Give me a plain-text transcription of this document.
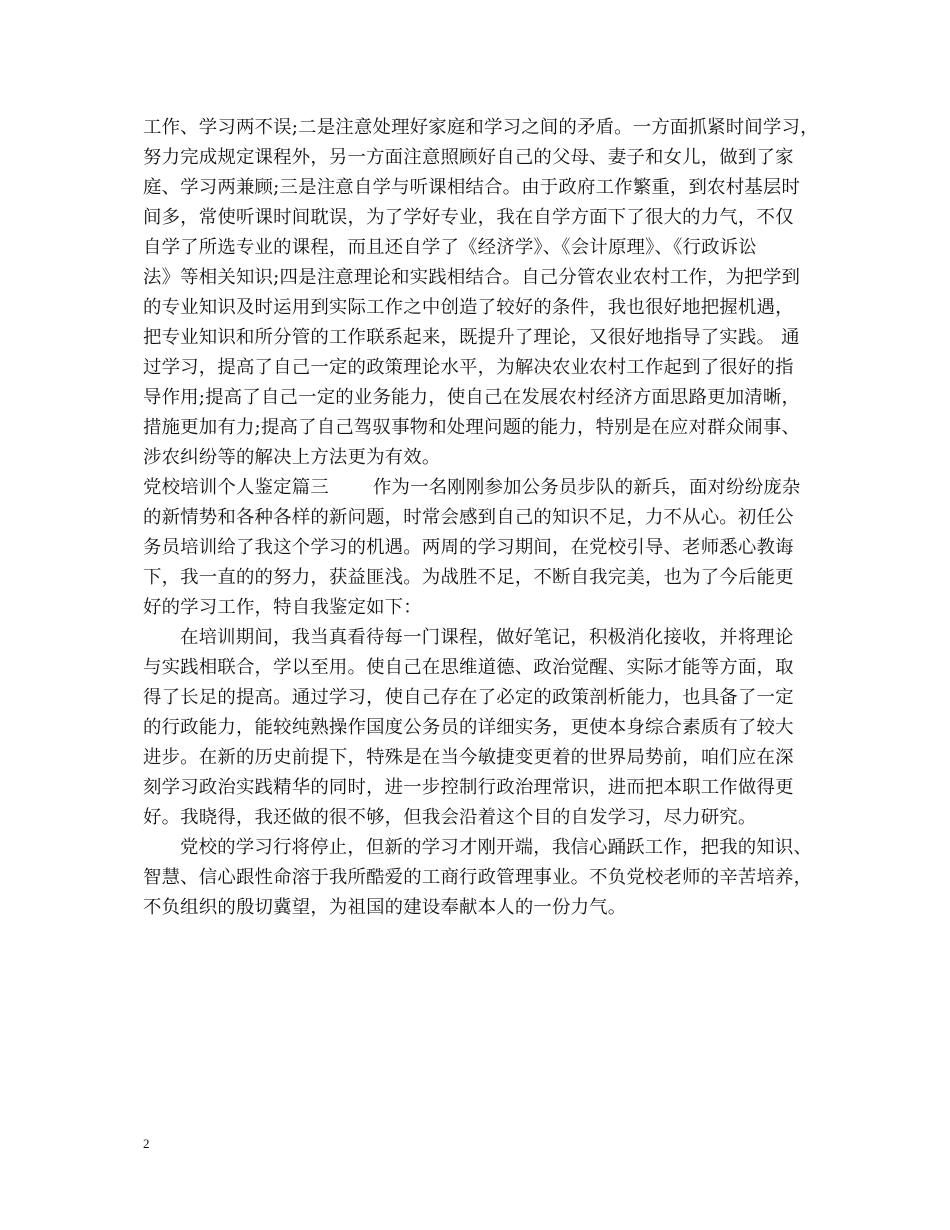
工作、学习两不误;二是注意处理好家庭和学习之间的矛盾。一方面抓紧时间学习，
努力完成规定课程外，另一方面注意照顾好自己的父母、妻子和女儿，做到了家
庭、学习两兼顾;三是注意自学与听课相结合。由于政府工作繁重，到农村基层时
间多，常使听课时间耽误，为了学好专业，我在自学方面下了很大的力气，不仅
自学了所选专业的课程，而且还自学了《经济学》、《会计原理》、《行政诉讼
法》等相关知识;四是注意理论和实践相结合。自己分管农业农村工作，为把学到
的专业知识及时运用到实际工作之中创造了较好的条件，我也很好地把握机遇，
把专业知识和所分管的工作联系起来，既提升了理论，又很好地指导了实践。 通
过学习，提高了自己一定的政策理论水平，为解决农业农村工作起到了很好的指
导作用;提高了自己一定的业务能力，使自己在发展农村经济方面思路更加清晰，
措施更加有力;提高了自己驾驭事物和处理问题的能力，特别是在应对群众闹事、
涉农纠纷等的解决上方法更为有效。
党校培训个人鉴定篇三 作为一名刚刚参加公务员步队的新兵，面对纷纷庞杂
的新情势和各种各样的新问题，时常会感到自己的知识不足，力不从心。初任公
务员培训给了我这个学习的机遇。两周的学习期间，在党校引导、老师悉心教诲
下，我一直的的努力，获益匪浅。为战胜不足，不断自我完美，也为了今后能更
好的学习工作，特自我鉴定如下：
在培训期间，我当真看待每一门课程，做好笔记，积极消化接收，并将理论
与实践相联合，学以至用。使自己在思维道德、政治觉醒、实际才能等方面，取
得了长足的提高。通过学习，使自己存在了必定的政策剖析能力，也具备了一定
的行政能力，能较纯熟操作国度公务员的详细实务，更使本身综合素质有了较大
进步。在新的历史前提下，特殊是在当今敏捷变更着的世界局势前，咱们应在深
刻学习政治实践精华的同时，进一步控制行政治理常识，进而把本职工作做得更
好。我晓得，我还做的很不够，但我会沿着这个目的自发学习，尽力研究。
党校的学习行将停止，但新的学习才刚开端，我信心踊跃工作，把我的知识、
智慧、信心跟性命溶于我所酷爱的工商行政管理事业。不负党校老师的辛苦培养，
不负组织的殷切冀望，为祖国的建设奉献本人的一份力气。
2
